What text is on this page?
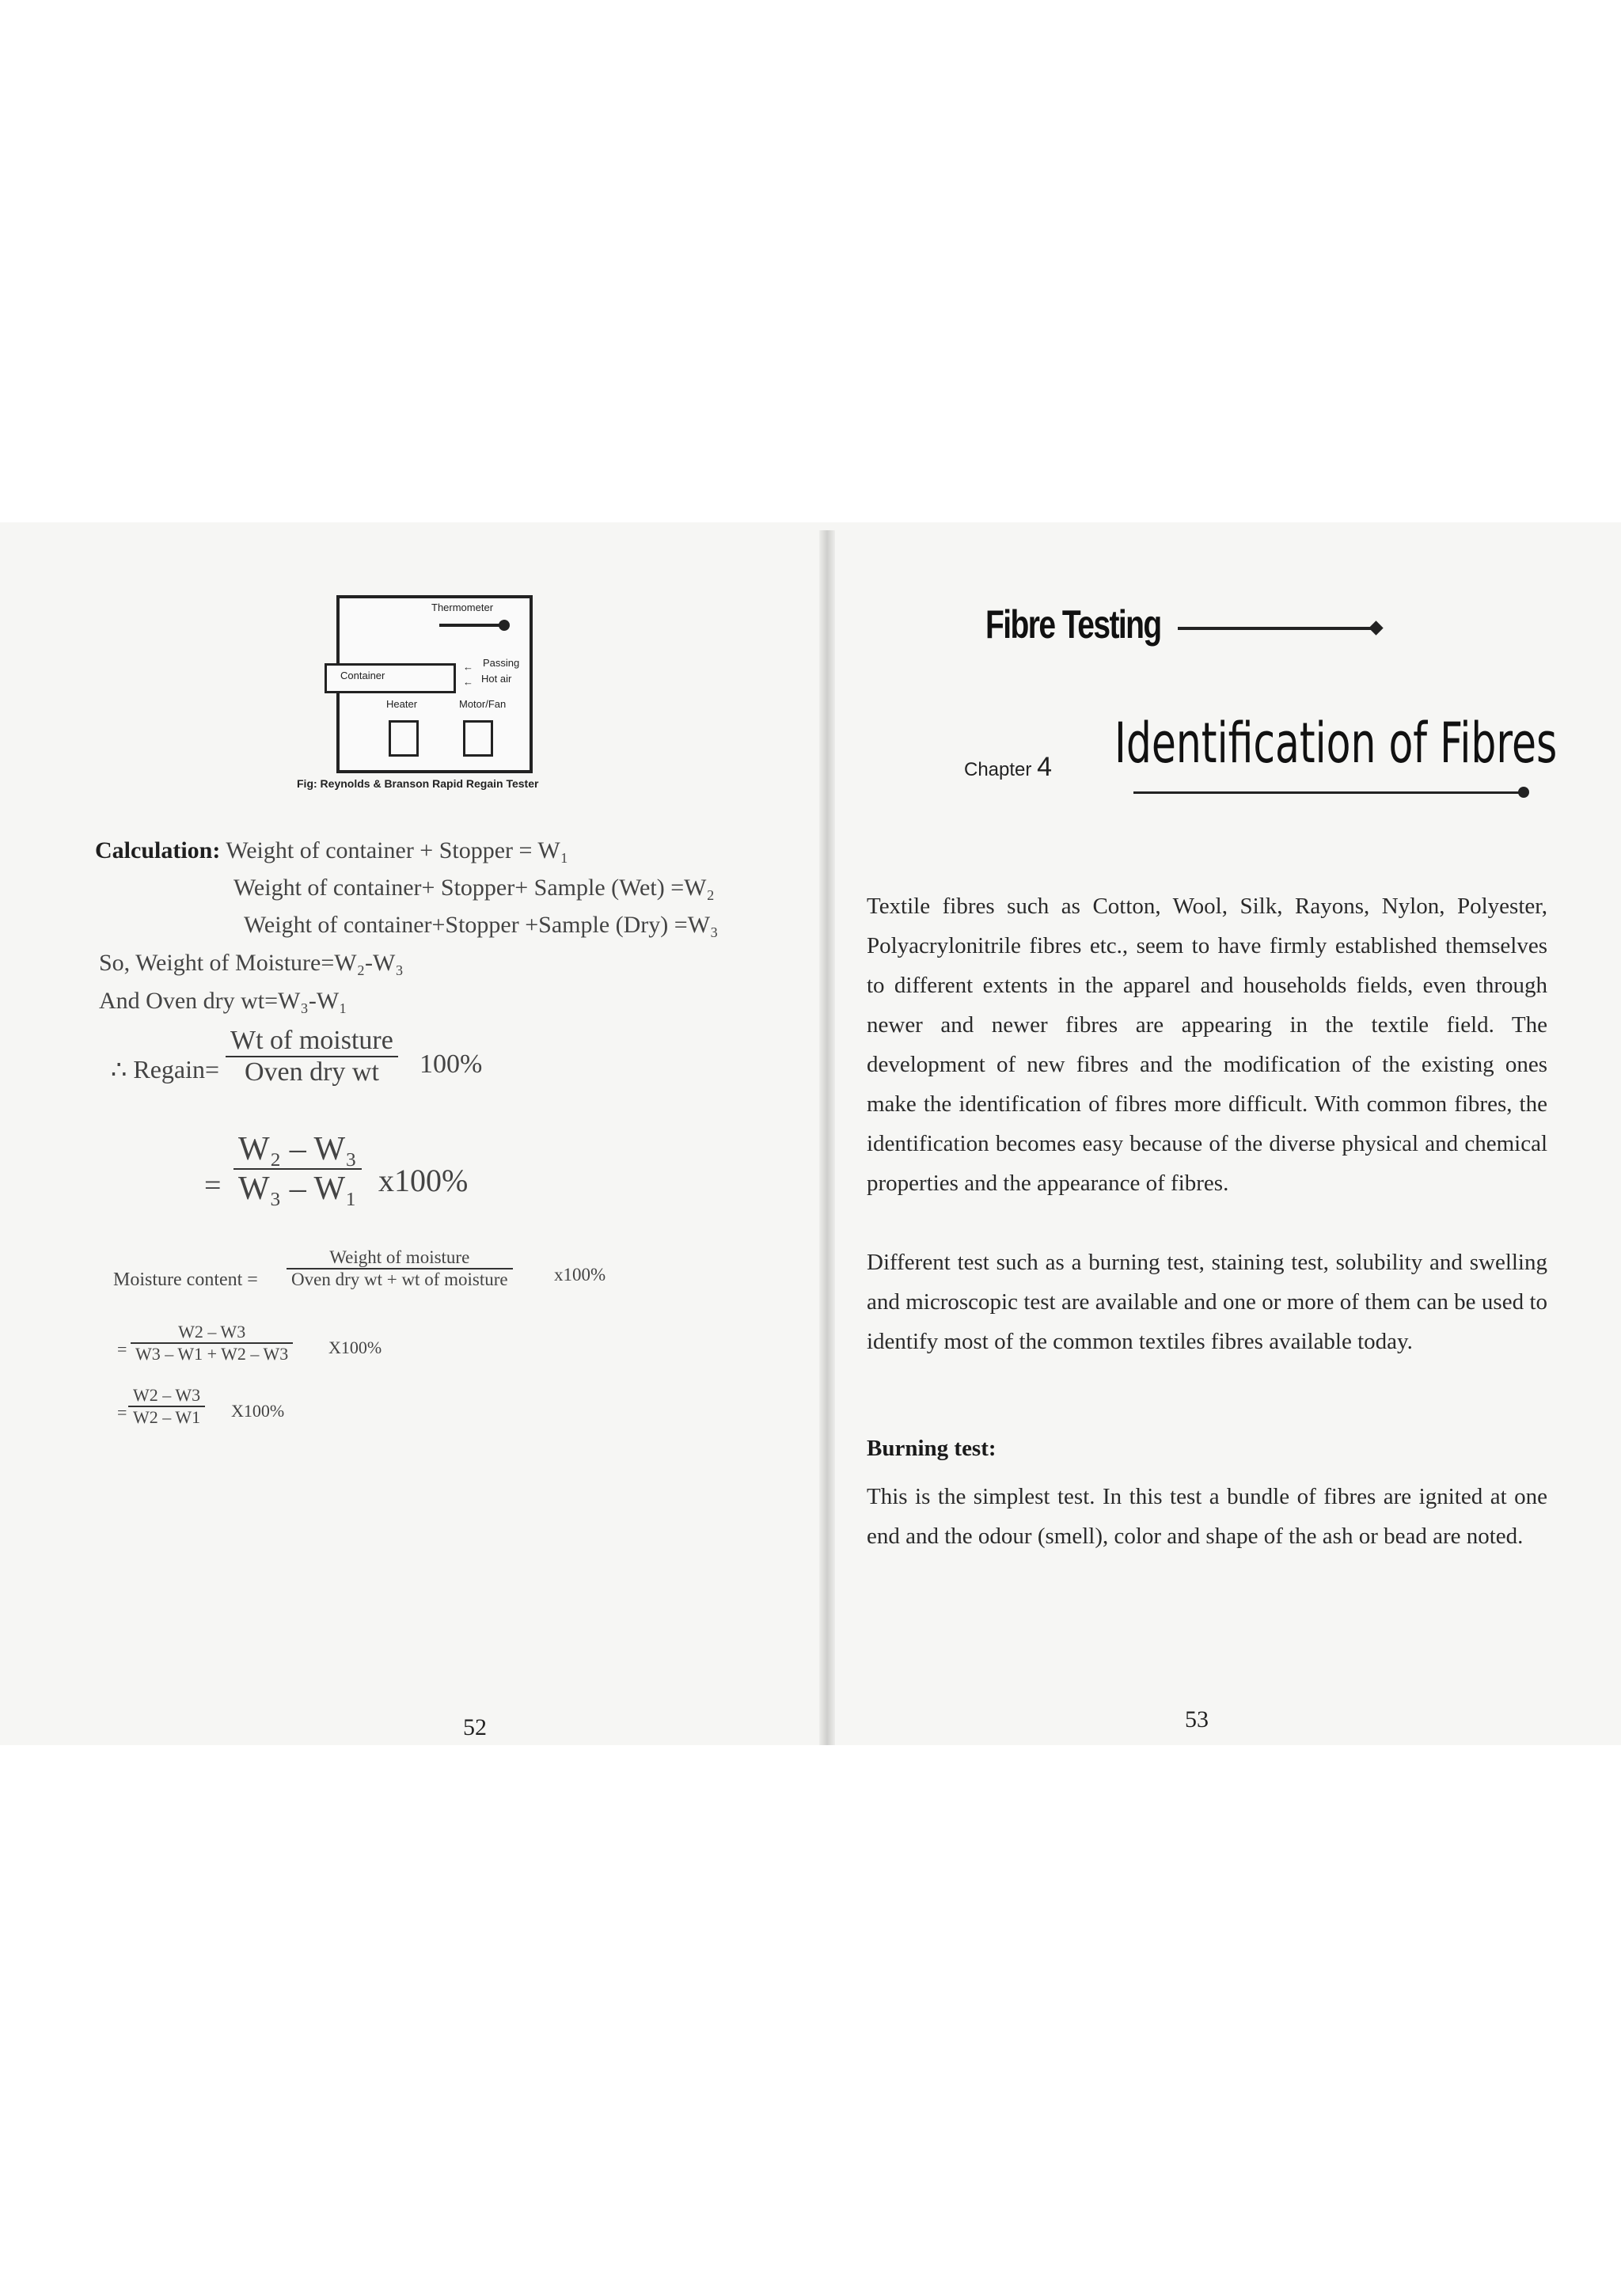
Thermometer
Container
Passing
Hot air
←
←
Heater	Motor/Fan
Fig: Reynolds & Branson Rapid Regain Tester
Calculation: Weight of container + Stopper = W₁
Weight of container+ Stopper+ Sample (Wet) =W₂
Weight of container+Stopper +Sample (Dry) =W₃
So, Weight of Moisture=W₂-W₃
And Oven dry wt=W₃-W₁
∴ Regain=
Wt of moisture
Oven dry wt 100%
=
W₂ – W₃
W₃ – W₁ x100%
Moisture content =
Weight of moisture
Oven dry wt + wt of moisture	x100%
=
W2 – W3
W3 – W1 + W2 – W3 X100%
=
W2 – W3
W2 – W1 X100%
52
Fibre Testing
Chapter 4 Identification of Fibres
Textile fibres such as Cotton, Wool, Silk, Rayons, Nylon, Polyester, Polyacrylonitrile fibres etc., seem to have firmly established themselves to different extents in the apparel and households fields, even through newer and newer fibres are appearing in the textile field. The development of new fibres and the modification of the existing ones make the identification of fibres more difficult. With common fibres, the identification becomes easy because of the diverse physical and chemical properties and the appearance of fibres.
Different test such as a burning test, staining test, solubility and swelling and microscopic test are available and one or more of them can be used to identify most of the common textiles fibres available today.
Burning test:
This is the simplest test. In this test a bundle of fibres are ignited at one end and the odour (smell), color and shape of the ash or bead are noted.
53
